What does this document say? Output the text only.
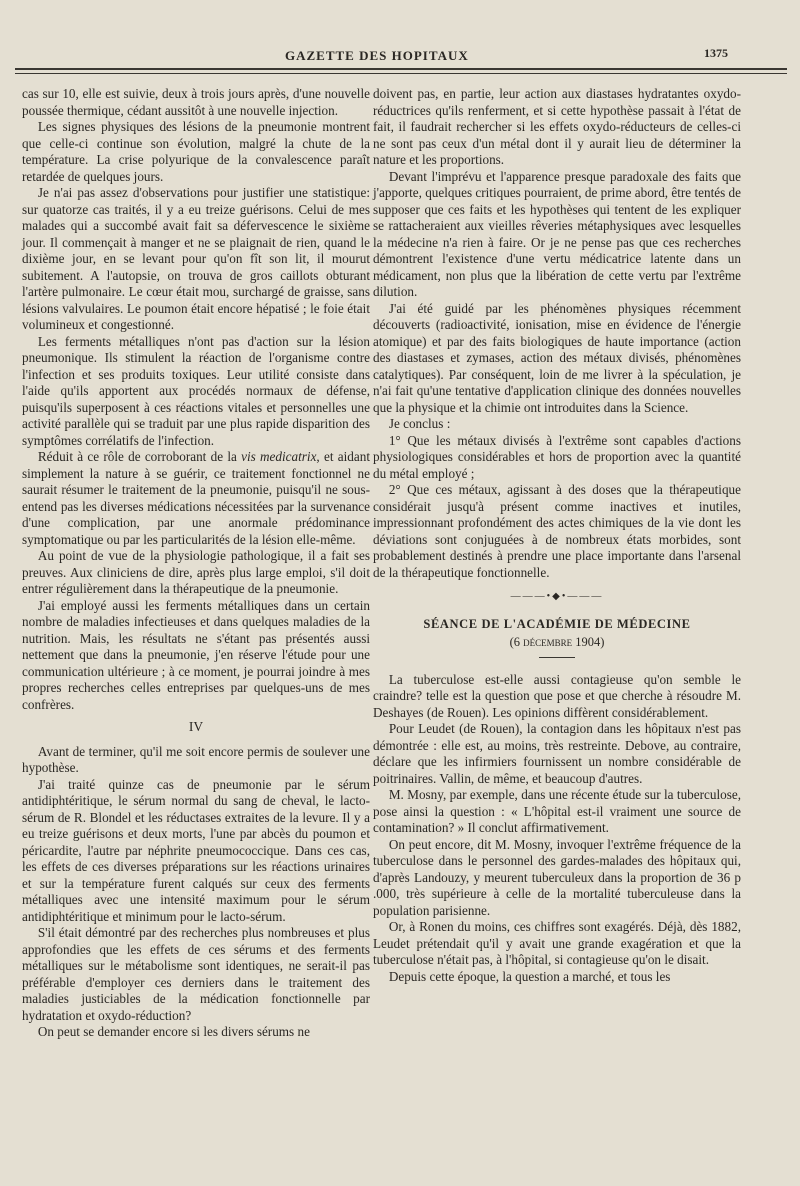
GAZETTE DES HOPITAUX	1375

cas sur 10, elle est suivie, deux à trois jours après, d'une nouvelle poussée thermique, cédant aussitôt à une nouvelle injection.

Les signes physiques des lésions de la pneumonie montrent que celle-ci continue son évolution, malgré la chute de la température. La crise polyurique de la convalescence paraît retardée de quelques jours.

Je n'ai pas assez d'observations pour justifier une statistique: sur quatorze cas traités, il y a eu treize guérisons. Celui de mes malades qui a succombé avait fait sa défervescence le sixième jour. Il commençait à manger et ne se plaignait de rien, quand le dixième jour, en se levant pour qu'on fît son lit, il mourut subitement. A l'autopsie, on trouva de gros caillots obturant l'artère pulmonaire. Le cœur était mou, surchargé de graisse, sans lésions valvulaires. Le poumon était encore hépatisé ; le foie était volumineux et congestionné.

Les ferments métalliques n'ont pas d'action sur la lésion pneumonique. Ils stimulent la réaction de l'organisme contre l'infection et ses produits toxiques. Leur utilité consiste dans l'aide qu'ils apportent aux procédés normaux de défense, puisqu'ils superposent à ces réactions vitales et personnelles une activité parallèle qui se traduit par une plus rapide disparition des symptômes corrélatifs de l'infection.

Réduit à ce rôle de corroborant de la vis medicatrix, et aidant simplement la nature à se guérir, ce traitement fonctionnel ne saurait résumer le traitement de la pneumonie, puisqu'il ne sous-entend pas les diverses médications nécessitées par la survenance d'une complication, par une anormale prédominance symptomatique ou par les particularités de la lésion elle-même.

Au point de vue de la physiologie pathologique, il a fait ses preuves. Aux cliniciens de dire, après plus large emploi, s'il doit entrer régulièrement dans la thérapeutique de la pneumonie.

J'ai employé aussi les ferments métalliques dans un certain nombre de maladies infectieuses et dans quelques maladies de la nutrition. Mais, les résultats ne s'étant pas présentés aussi nettement que dans la pneumonie, j'en réserve l'étude pour une communication ultérieure ; à ce moment, je pourrai joindre à mes propres recherches celles entreprises par quelques-uns de mes confrères.

IV

Avant de terminer, qu'il me soit encore permis de soulever une hypothèse.

J'ai traité quinze cas de pneumonie par le sérum antidiphtéritique, le sérum normal du sang de cheval, le lacto-sérum de R. Blondel et les réductases extraites de la levure. Il y a eu treize guérisons et deux morts, l'une par abcès du poumon et péricardite, l'autre par néphrite pneumococcique. Dans ces cas, les effets de ces diverses préparations sur les réactions urinaires et sur la température furent calqués sur ceux des ferments métalliques avec une intensité maximum pour le sérum antidiphtéritique et minimum pour le lacto-sérum.

S'il était démontré par des recherches plus nombreuses et plus approfondies que les effets de ces sérums et des ferments métalliques sur le métabolisme sont identiques, ne serait-il pas préférable d'employer ces derniers dans le traitement des maladies justiciables de la médication fonctionnelle par hydratation et oxydo-réduction?

On peut se demander encore si les divers sérums ne

doivent pas, en partie, leur action aux diastases hydratantes oxydo-réductrices qu'ils renferment, et si cette hypothèse passait à l'état de fait, il faudrait rechercher si les effets oxydo-réducteurs de celles-ci ne sont pas ceux d'un métal dont il y aurait lieu de déterminer la nature et les proportions.

Devant l'imprévu et l'apparence presque paradoxale des faits que j'apporte, quelques critiques pourraient, de prime abord, être tentés de supposer que ces faits et les hypothèses qui tentent de les expliquer se rattacheraient aux vieilles rêveries métaphysiques avec lesquelles la médecine n'a rien à faire. Or je ne pense pas que ces recherches démontrent l'existence d'une vertu médicatrice latente dans un médicament, non plus que la libération de cette vertu par l'extrême dilution.

J'ai été guidé par les phénomènes physiques récemment découverts (radioactivité, ionisation, mise en évidence de l'énergie atomique) et par des faits biologiques de haute importance (action des diastases et zymases, action des métaux divisés, phénomènes catalytiques). Par conséquent, loin de me livrer à la spéculation, je n'ai fait qu'une tentative d'application clinique des données nouvelles que la physique et la chimie ont introduites dans la Science.

Je conclus :

1° Que les métaux divisés à l'extrême sont capables d'actions physiologiques considérables et hors de proportion avec la quantité du métal employé ;

2° Que ces métaux, agissant à des doses que la thérapeutique considérait jusqu'à présent comme inactives et inutiles, impressionnant profondément des actes chimiques de la vie dont les déviations sont conjuguées à de nombreux états morbides, sont probablement destinés à prendre une place importante dans l'arsenal de la thérapeutique fonctionnelle.

———•◆•———
SÉANCE DE L'ACADÉMIE DE MÉDECINE
(6 décembre 1904)

La tuberculose est-elle aussi contagieuse qu'on semble le craindre? telle est la question que pose et que cherche à résoudre M. Deshayes (de Rouen). Les opinions diffèrent considérablement.

Pour Leudet (de Rouen), la contagion dans les hôpitaux n'est pas démontrée : elle est, au moins, très restreinte. Debove, au contraire, déclare que les infirmiers fournissent un nombre considérable de poitrinaires. Vallin, de même, et beaucoup d'autres.

M. Mosny, par exemple, dans une récente étude sur la tuberculose, pose ainsi la question : « L'hôpital est-il vraiment une source de contamination? » Il conclut affirmativement.

On peut encore, dit M. Mosny, invoquer l'extrême fréquence de la tuberculose dans le personnel des gardes-malades des hôpitaux qui, d'après Landouzy, y meurent tuberculeux dans la proportion de 36 p .000, très supérieure à celle de la mortalité tuberculeuse dans la population parisienne.

Or, à Ronen du moins, ces chiffres sont exagérés. Déjà, dès 1882, Leudet prétendait qu'il y avait une grande exagération et que la tuberculose n'était pas, à l'hôpital, si contagieuse qu'on le disait.

Depuis cette époque, la question a marché, et tous les
